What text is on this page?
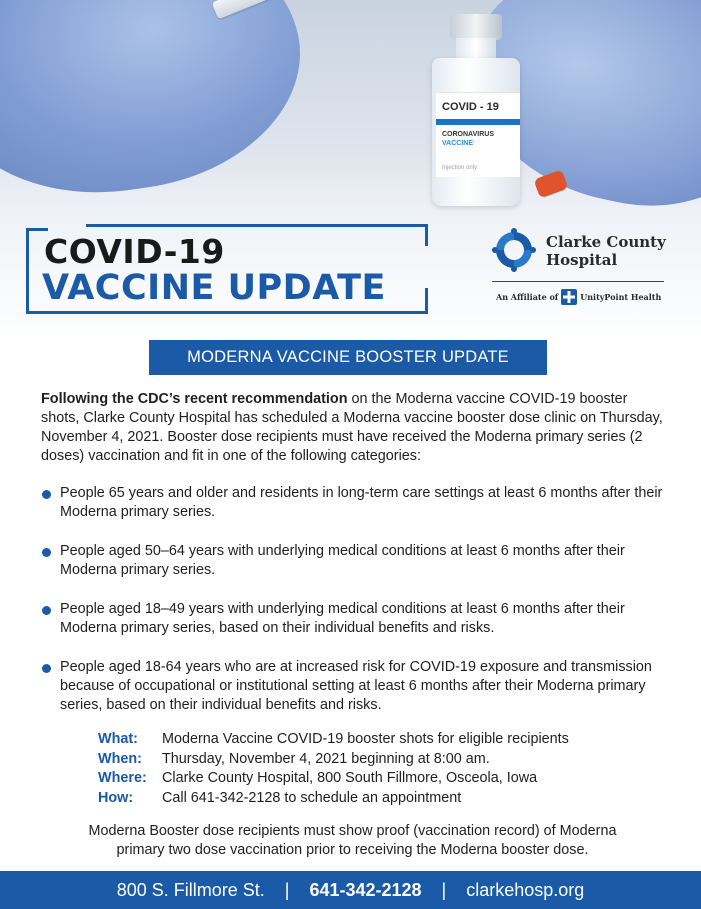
COVID - 19
CORONAVIRUS
VACCINE
Injection only
COVID-19
VACCINE UPDATE
Clarke County
Hospital
An Affiliate of	UnityPoint Health
MODERNA VACCINE BOOSTER UPDATE
Following the CDC’s recent recommendation on the Moderna vaccine COVID-19 booster shots, Clarke County Hospital has scheduled a Moderna vaccine booster dose clinic on Thursday, November 4, 2021. Booster dose recipients must have received the Moderna primary series (2 doses) vaccination and fit in one of the following categories:
People 65 years and older and residents in long-term care settings at least 6 months after their Moderna primary series.
People aged 50–64 years with underlying medical conditions at least 6 months after their Moderna primary series.
People aged 18–49 years with underlying medical conditions at least 6 months after their Moderna primary series, based on their individual benefits and risks.
People aged 18-64 years who are at increased risk for COVID-19 exposure and transmission because of occupational or institutional setting at least 6 months after their Moderna primary series, based on their individual benefits and risks.
What:	Moderna Vaccine COVID-19 booster shots for eligible recipients
When:	Thursday, November 4, 2021 beginning at 8:00 am.
Where:	Clarke County Hospital, 800 South Fillmore, Osceola, Iowa
How:	Call 641-342-2128 to schedule an appointment
Moderna Booster dose recipients must show proof (vaccination record) of Moderna
primary two dose vaccination prior to receiving the Moderna booster dose.
800 S. Fillmore St. | 641-342-2128 | clarkehosp.org
